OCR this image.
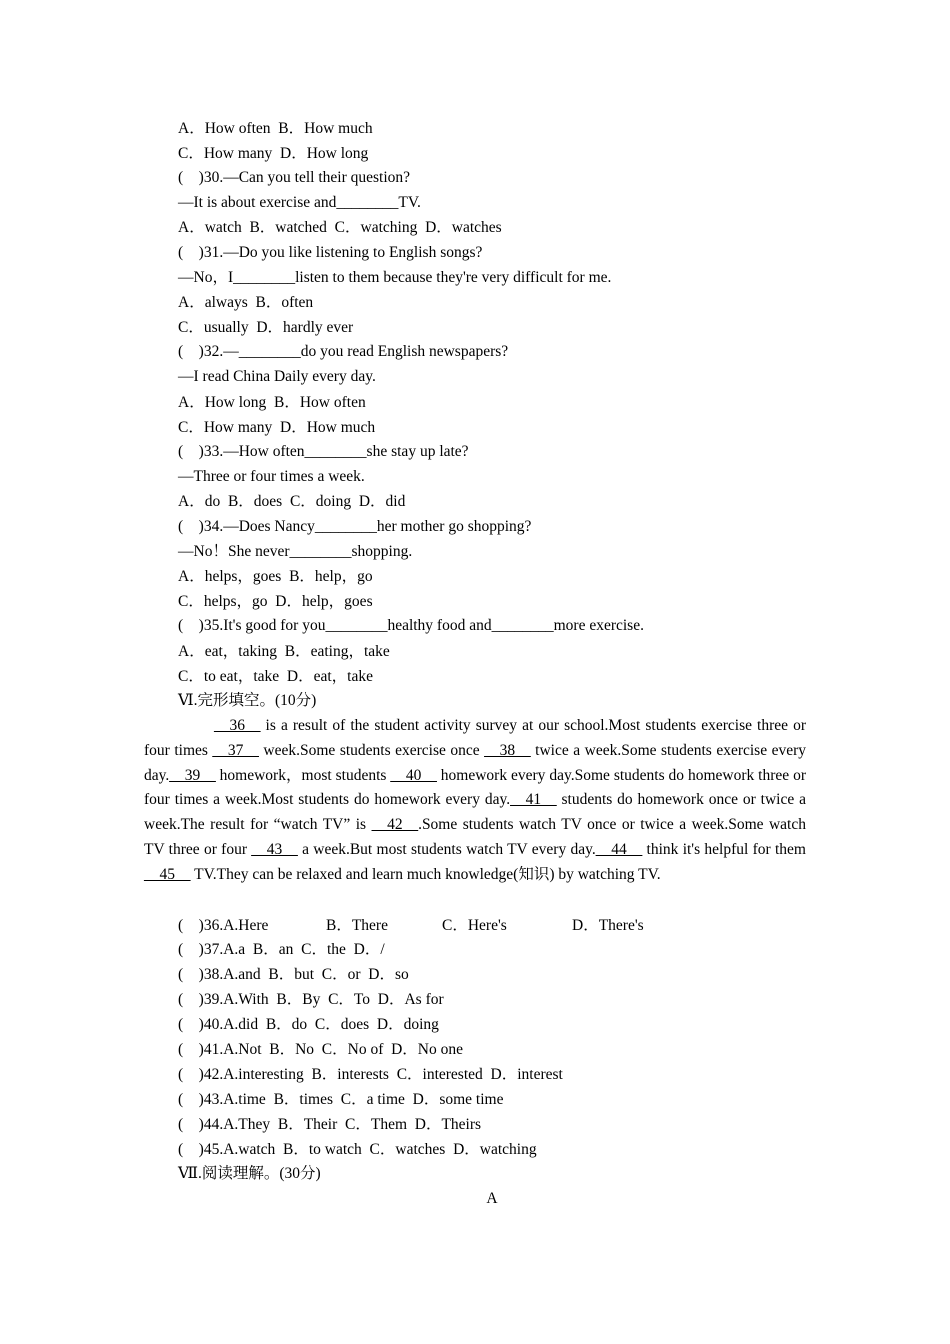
A．How often  B．How much
C．How many  D．How long
(　)30.—Can you tell their question?
—It is about exercise and________TV.
A．watch  B．watched  C．watching  D．watches
(　)31.—Do you like listening to English songs?
—No，I________listen to them because they're very difficult for me.
A．always  B．often
C．usually  D．hardly ever
(　)32.—________do you read English newspapers?
—I read China Daily every day.
A．How long  B．How often
C．How many  D．How much
(　)33.—How often________she stay up late?
—Three or four times a week.
A．do  B．does  C．doing  D．did
(　)34.—Does Nancy________her mother go shopping?
—No！She never________shopping.
A．helps，goes  B．help，go
C．helps，go  D．help，goes
(　)35.It's good for you________healthy food and________more exercise.
A．eat，taking  B．eating，take
C．to eat，take  D．eat，take
Ⅵ.完形填空。(10分)
__36__ is a result of the student activity survey at our school.Most students exercise three or four times __37__ week.Some students exercise once __38__ twice a week.Some students exercise every day.__39__ homework，most students __40__ homework every day.Some students do homework three or four times a week.Most students do homework every day.__41__ students do homework once or twice a week.The result for “watch TV” is __42__.Some students watch TV once or twice a week.Some watch TV three or four __43__ a week.But most students watch TV every day.__44__ think it's helpful for them __45__ TV.They can be relaxed and learn much knowledge(知识) by watching TV.
(　)36.A.Here	B．There	C．Here's	D．There's
(　)37.A.a  B．an  C．the  D．/
(　)38.A.and  B．but  C．or  D．so
(　)39.A.With  B．By  C．To  D．As for
(　)40.A.did  B．do  C．does  D．doing
(　)41.A.Not  B．No  C．No of  D．No one
(　)42.A.interesting  B．interests  C．interested  D．interest
(　)43.A.time  B．times  C．a time  D．some time
(　)44.A.They  B．Their  C．Them  D．Theirs
(　)45.A.watch  B．to watch  C．watches  D．watching
Ⅶ.阅读理解。(30分)
A
